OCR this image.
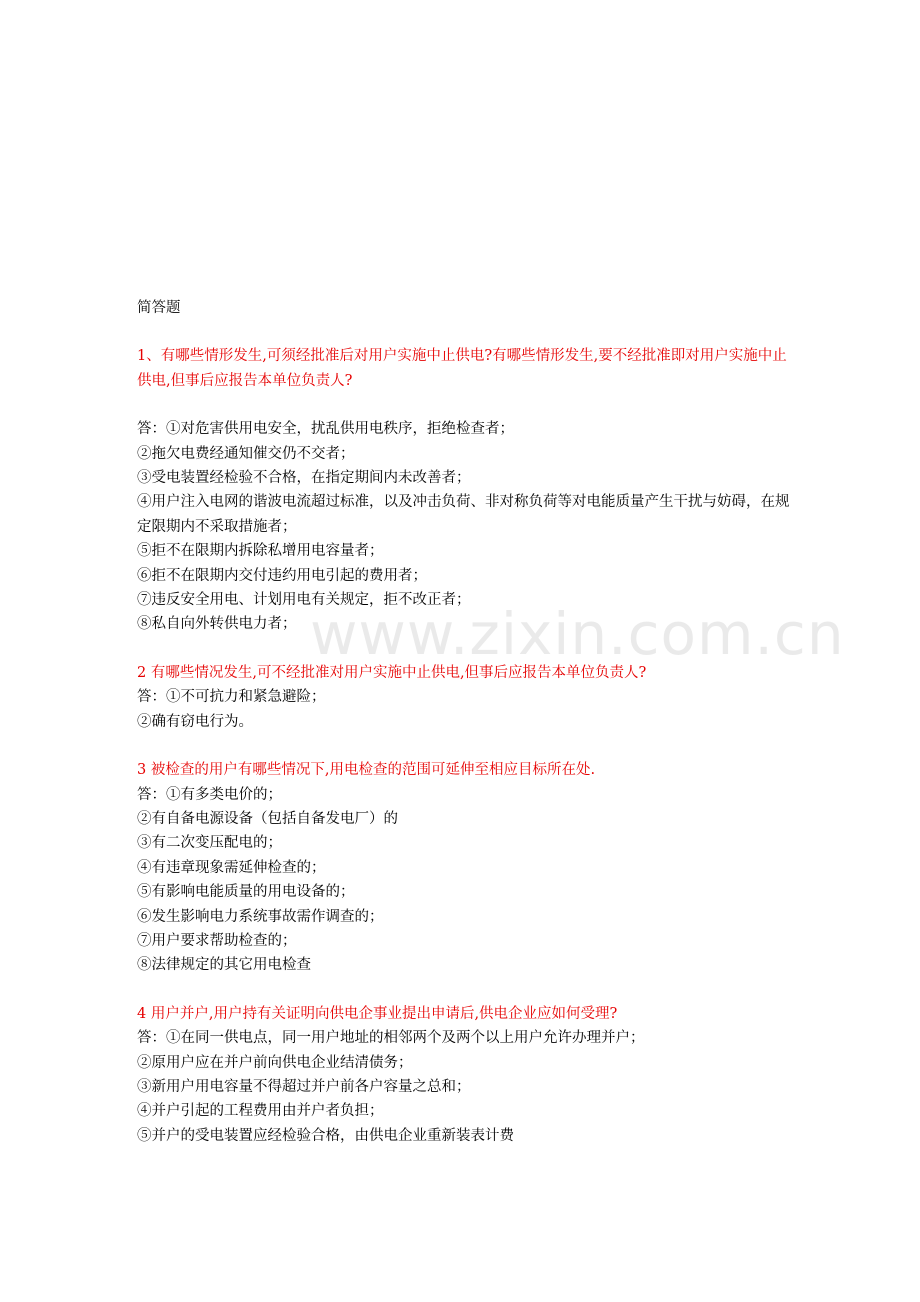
www.zixin.com.cn
简答题
1、有哪些情形发生,可须经批准后对用户实施中止供电?有哪些情形发生,要不经批准即对用户实施中止供电,但事后应报告本单位负责人?
答：①对危害供用电安全，扰乱供用电秩序，拒绝检查者；
②拖欠电费经通知催交仍不交者；
③受电装置经检验不合格，在指定期间内未改善者；
④用户注入电网的谐波电流超过标准，以及冲击负荷、非对称负荷等对电能质量产生干扰与妨碍，在规定限期内不采取措施者；
⑤拒不在限期内拆除私增用电容量者；
⑥拒不在限期内交付违约用电引起的费用者；
⑦违反安全用电、计划用电有关规定，拒不改正者；
⑧私自向外转供电力者；
2 有哪些情况发生,可不经批准对用户实施中止供电,但事后应报告本单位负责人?
答：①不可抗力和紧急避险；
②确有窃电行为。
3 被检查的用户有哪些情况下,用电检查的范围可延伸至相应目标所在处.
答：①有多类电价的；
②有自备电源设备（包括自备发电厂）的
③有二次变压配电的；
④有违章现象需延伸检查的；
⑤有影响电能质量的用电设备的；
⑥发生影响电力系统事故需作调查的；
⑦用户要求帮助检查的；
⑧法律规定的其它用电检查
4 用户并户,用户持有关证明向供电企事业提出申请后,供电企业应如何受理?
答：①在同一供电点，同一用户地址的相邻两个及两个以上用户允许办理并户；
②原用户应在并户前向供电企业结清债务；
③新用户用电容量不得超过并户前各户容量之总和；
④并户引起的工程费用由并户者负担；
⑤并户的受电装置应经检验合格，由供电企业重新装表计费
